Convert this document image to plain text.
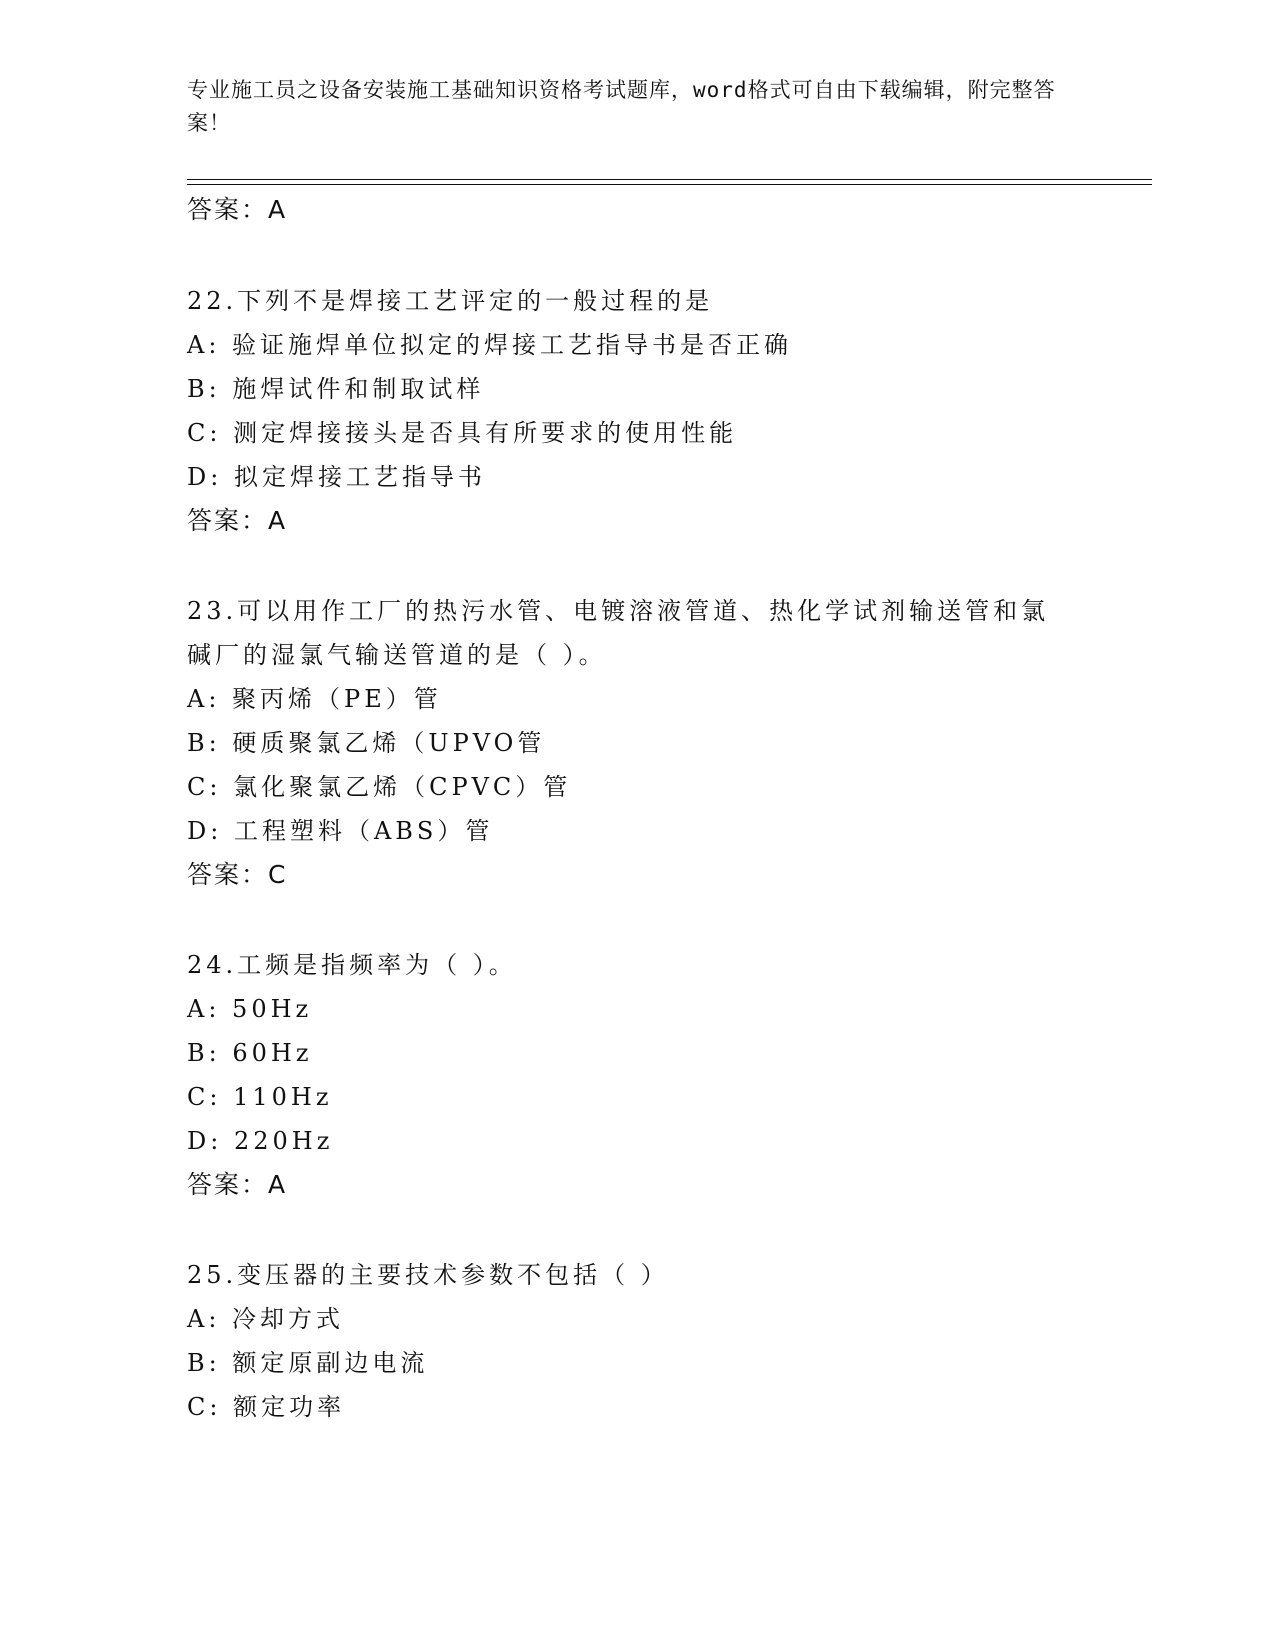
专业施工员之设备安装施工基础知识资格考试题库，word格式可自由下载编辑，附完整答案！
答案：A
22.下列不是焊接工艺评定的一般过程的是
A: 验证施焊单位拟定的焊接工艺指导书是否正确
B: 施焊试件和制取试样
C: 测定焊接接头是否具有所要求的使用性能
D: 拟定焊接工艺指导书
答案：A
23.可以用作工厂的热污水管、电镀溶液管道、热化学试剂输送管和氯
碱厂的湿氯气输送管道的是（ ）。
A: 聚丙烯（PE）管
B: 硬质聚氯乙烯（UPVO管
C: 氯化聚氯乙烯（CPVC）管
D: 工程塑料（ABS）管
答案：C
24.工频是指频率为（ ）。
A: 50Hz
B: 60Hz
C: 110Hz
D: 220Hz
答案：A
25.变压器的主要技术参数不包括（ ）
A: 冷却方式
B: 额定原副边电流
C: 额定功率
